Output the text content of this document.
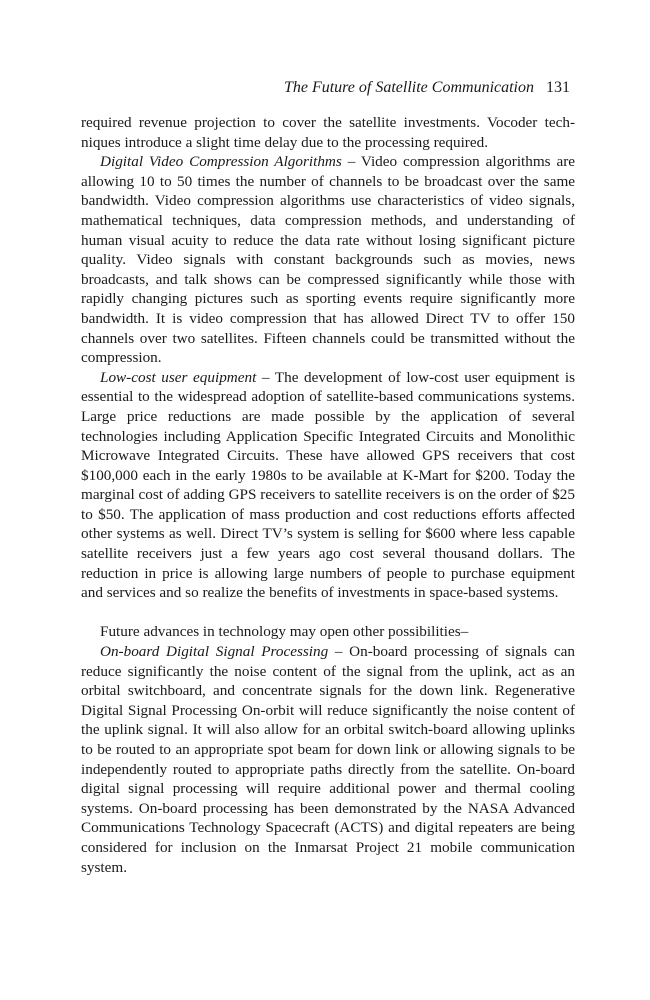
The Future of Satellite Communication 131

required revenue projection to cover the satellite investments. Vocoder techniques introduce a slight time delay due to the processing required.

Digital Video Compression Algorithms – Video compression algorithms are allowing 10 to 50 times the number of channels to be broadcast over the same bandwidth. Video compression algorithms use characteristics of video signals, mathematical techniques, data compression methods, and understanding of human visual acuity to reduce the data rate without losing significant picture quality. Video signals with constant backgrounds such as movies, news broadcasts, and talk shows can be compressed significantly while those with rapidly changing pictures such as sporting events require significantly more bandwidth. It is video compression that has allowed Direct TV to offer 150 channels over two satellites. Fifteen channels could be transmitted without the compression.

Low-cost user equipment – The development of low-cost user equipment is essential to the widespread adoption of satellite-based communications systems. Large price reductions are made possible by the application of several technologies including Application Specific Integrated Circuits and Monolithic Microwave Integrated Circuits. These have allowed GPS receivers that cost $100,000 each in the early 1980s to be available at K-Mart for $200. Today the marginal cost of adding GPS receivers to satellite receivers is on the order of $25 to $50. The application of mass production and cost reductions efforts affected other systems as well. Direct TV’s system is selling for $600 where less capable satellite receivers just a few years ago cost several thousand dollars. The reduction in price is allowing large numbers of people to purchase equipment and services and so realize the benefits of investments in space-based systems.

Future advances in technology may open other possibilities–

On-board Digital Signal Processing – On-board processing of signals can reduce significantly the noise content of the signal from the uplink, act as an orbital switchboard, and concentrate signals for the down link. Regenerative Digital Signal Processing On-orbit will reduce significantly the noise content of the uplink signal. It will also allow for an orbital switch-board allowing uplinks to be routed to an appropriate spot beam for down link or allowing signals to be independently routed to appropriate paths directly from the satellite. On-board digital signal processing will require additional power and thermal cooling systems. On-board processing has been demonstrated by the NASA Advanced Communications Technology Spacecraft (ACTS) and digital repeaters are being considered for inclusion on the Inmarsat Project 21 mobile communication system.
